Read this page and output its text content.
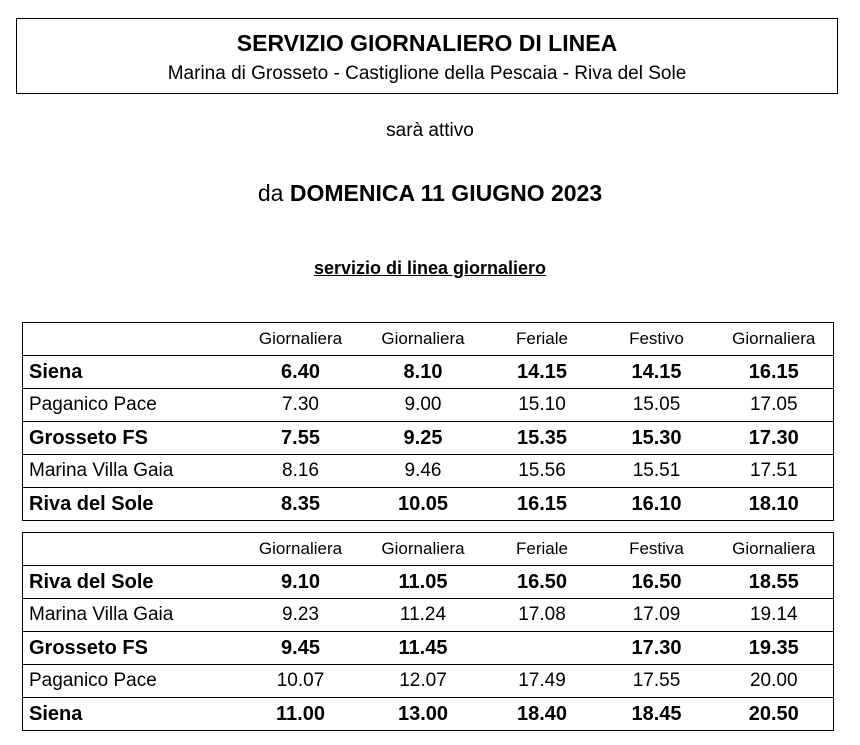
SERVIZIO GIORNALIERO DI LINEA
Marina di Grosseto - Castiglione della Pescaia - Riva del Sole
sarà attivo
da DOMENICA 11 GIUGNO 2023
servizio di linea giornaliero
	Giornaliera	Giornaliera	Feriale	Festivo	Giornaliera
Siena	6.40	8.10	14.15	14.15	16.15
Paganico Pace	7.30	9.00	15.10	15.05	17.05
Grosseto FS	7.55	9.25	15.35	15.30	17.30
Marina Villa Gaia	8.16	9.46	15.56	15.51	17.51
Riva del Sole	8.35	10.05	16.15	16.10	18.10
	Giornaliera	Giornaliera	Feriale	Festiva	Giornaliera
Riva del Sole	9.10	11.05	16.50	16.50	18.55
Marina Villa Gaia	9.23	11.24	17.08	17.09	19.14
Grosseto FS	9.45	11.45		17.30	19.35
Paganico Pace	10.07	12.07	17.49	17.55	20.00
Siena	11.00	13.00	18.40	18.45	20.50
